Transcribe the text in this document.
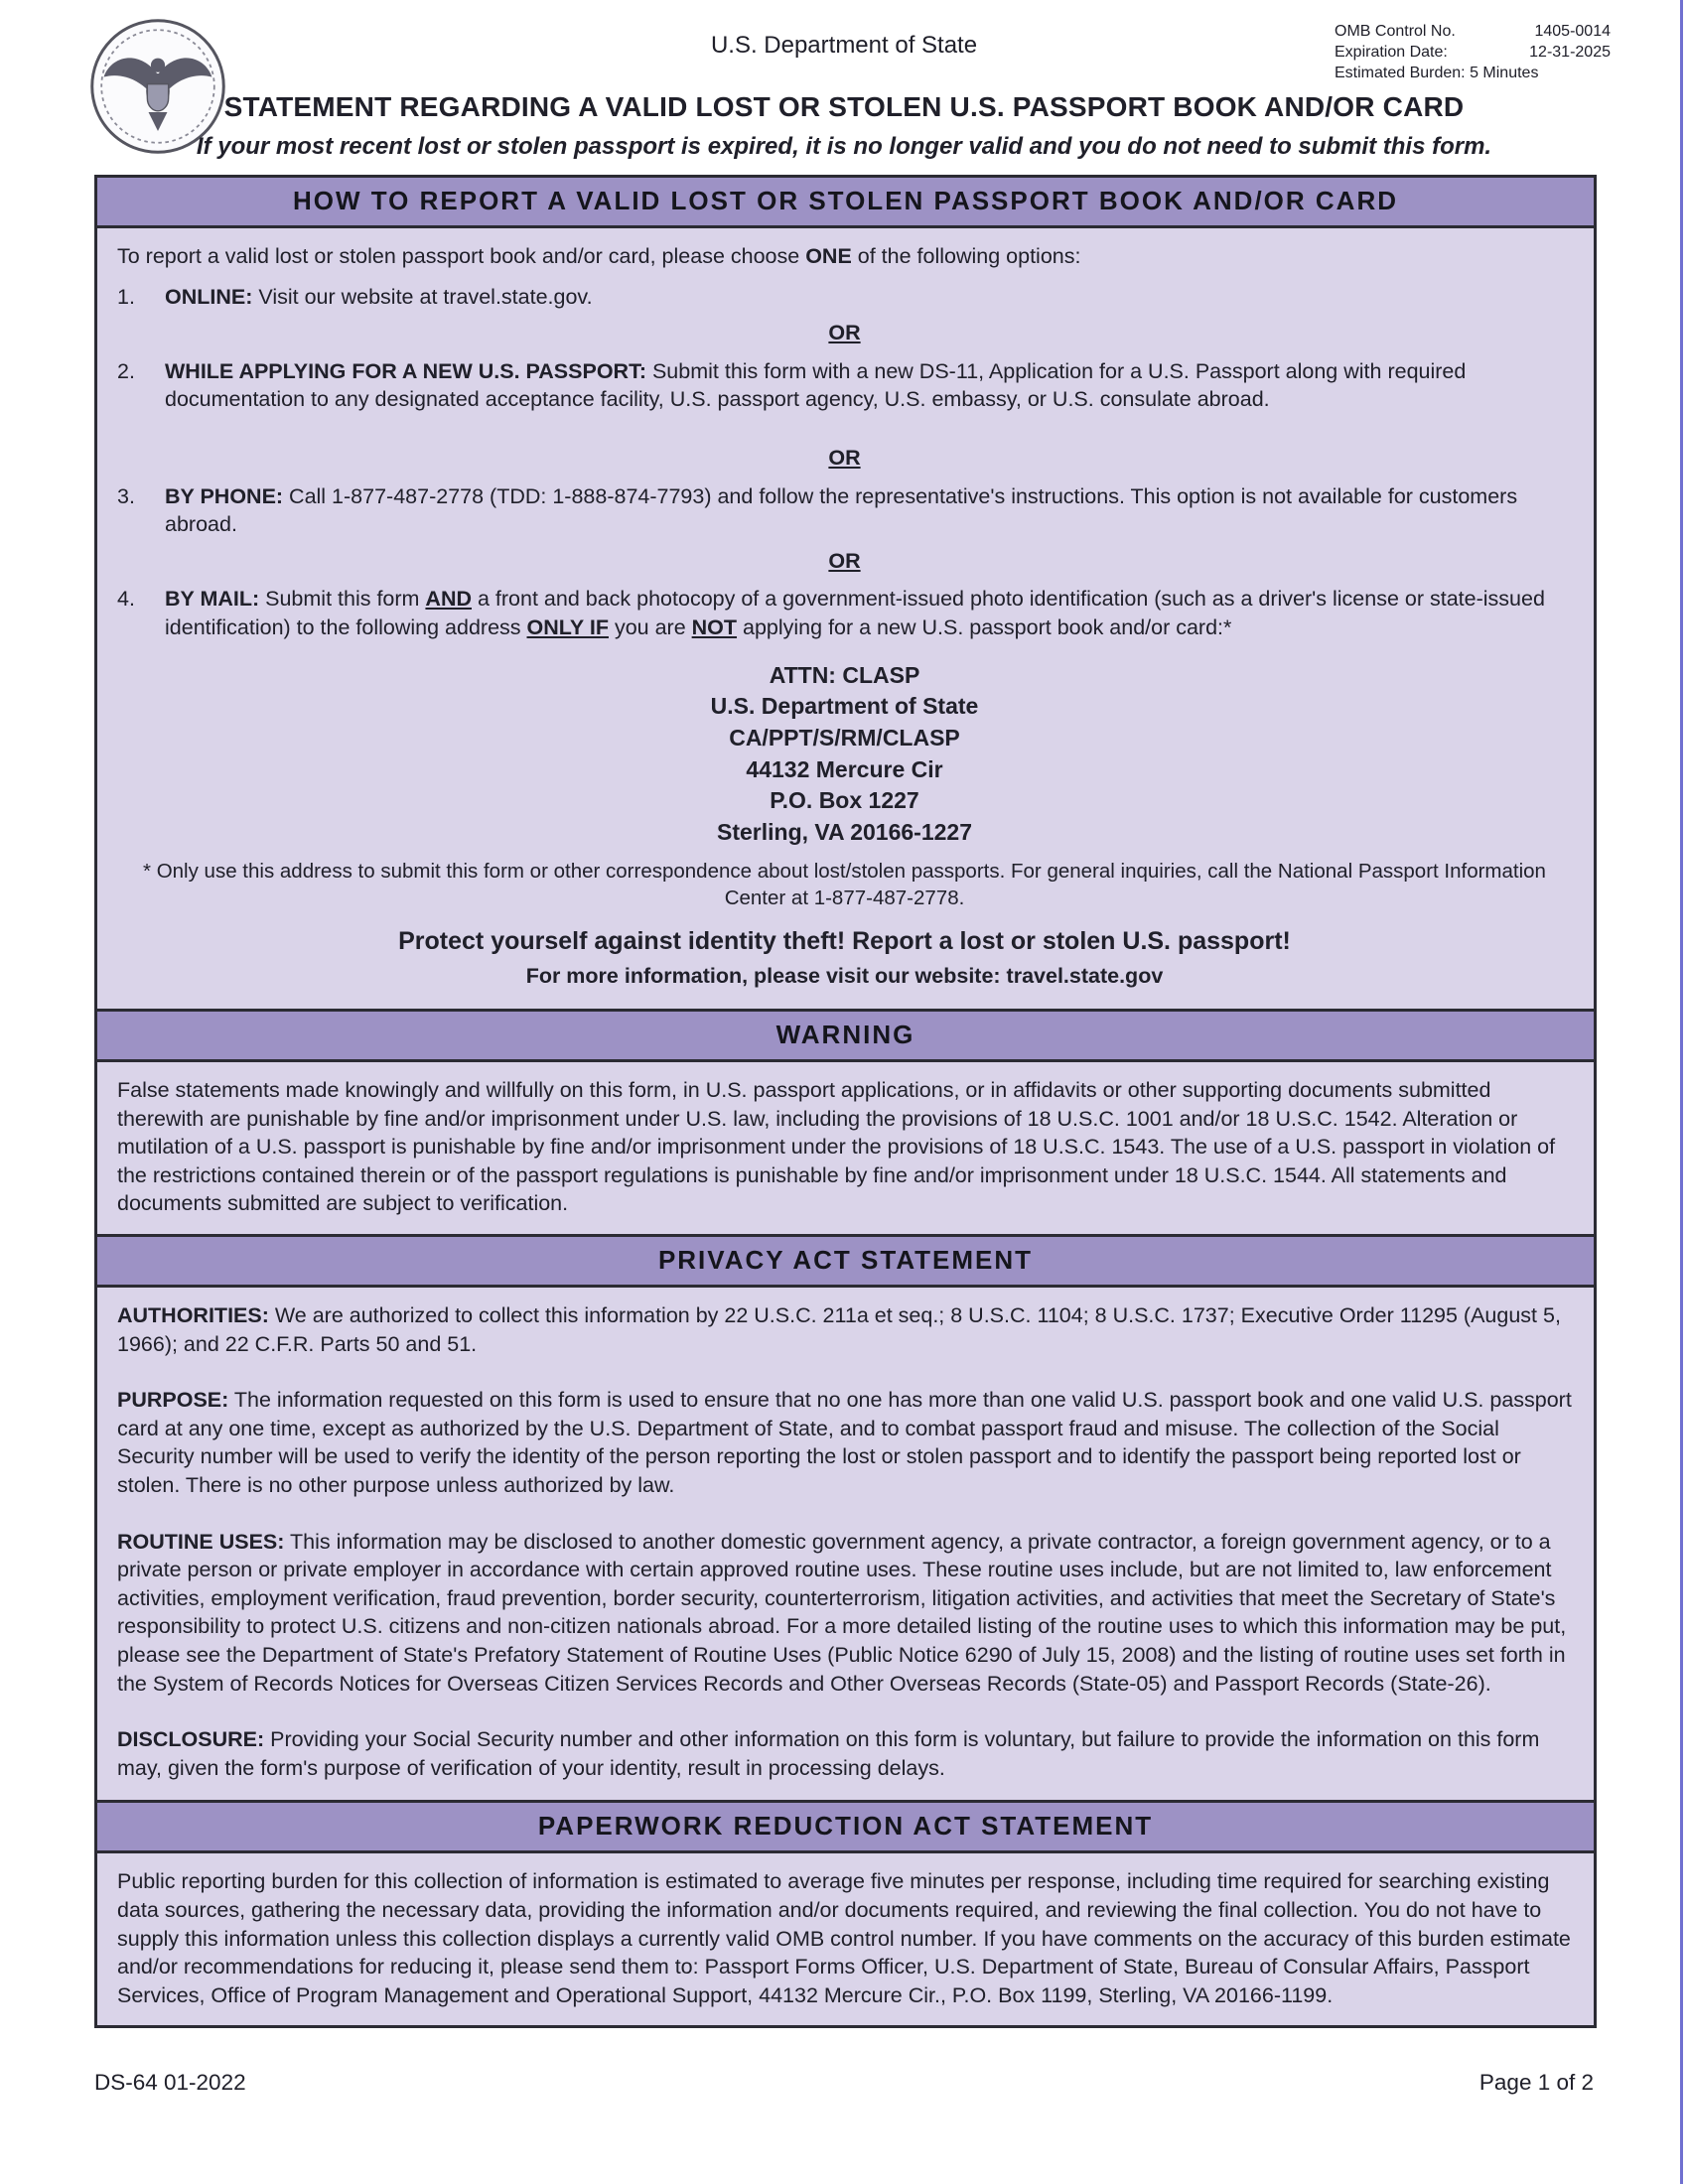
U.S. Department of State
OMB Control No.	1405-0014
Expiration Date:	12-31-2025
Estimated Burden: 5 Minutes
STATEMENT REGARDING A VALID LOST OR STOLEN U.S. PASSPORT BOOK AND/OR CARD
If your most recent lost or stolen passport is expired, it is no longer valid and you do not need to submit this form.
HOW TO REPORT A VALID LOST OR STOLEN PASSPORT BOOK AND/OR CARD

To report a valid lost or stolen passport book and/or card, please choose ONE of the following options:

1.	ONLINE: Visit our website at travel.state.gov.
OR
2.	WHILE APPLYING FOR A NEW U.S. PASSPORT: Submit this form with a new DS-11, Application for a U.S. Passport along with required documentation to any designated acceptance facility, U.S. passport agency, U.S. embassy, or U.S. consulate abroad.
OR
3.	BY PHONE: Call 1-877-487-2778 (TDD: 1-888-874-7793) and follow the representative's instructions. This option is not available for customers abroad.
OR
4.	BY MAIL: Submit this form AND a front and back photocopy of a government-issued photo identification (such as a driver's license or state-issued identification) to the following address ONLY IF you are NOT applying for a new U.S. passport book and/or card:*
ATTN: CLASP
U.S. Department of State
CA/PPT/S/RM/CLASP
44132 Mercure Cir
P.O. Box 1227
Sterling, VA 20166-1227
* Only use this address to submit this form or other correspondence about lost/stolen passports. For general inquiries, call the National Passport Information Center at 1-877-487-2778.
Protect yourself against identity theft! Report a lost or stolen U.S. passport!
For more information, please visit our website: travel.state.gov
WARNING

False statements made knowingly and willfully on this form, in U.S. passport applications, or in affidavits or other supporting documents submitted therewith are punishable by fine and/or imprisonment under U.S. law, including the provisions of 18 U.S.C. 1001 and/or 18 U.S.C. 1542. Alteration or mutilation of a U.S. passport is punishable by fine and/or imprisonment under the provisions of 18 U.S.C. 1543. The use of a U.S. passport in violation of the restrictions contained therein or of the passport regulations is punishable by fine and/or imprisonment under 18 U.S.C. 1544. All statements and documents submitted are subject to verification.

PRIVACY ACT STATEMENT

AUTHORITIES: We are authorized to collect this information by 22 U.S.C. 211a et seq.; 8 U.S.C. 1104; 8 U.S.C. 1737; Executive Order 11295 (August 5, 1966); and 22 C.F.R. Parts 50 and 51.

PURPOSE: The information requested on this form is used to ensure that no one has more than one valid U.S. passport book and one valid U.S. passport card at any one time, except as authorized by the U.S. Department of State, and to combat passport fraud and misuse. The collection of the Social Security number will be used to verify the identity of the person reporting the lost or stolen passport and to identify the passport being reported lost or stolen. There is no other purpose unless authorized by law.

ROUTINE USES: This information may be disclosed to another domestic government agency, a private contractor, a foreign government agency, or to a private person or private employer in accordance with certain approved routine uses. These routine uses include, but are not limited to, law enforcement activities, employment verification, fraud prevention, border security, counterterrorism, litigation activities, and activities that meet the Secretary of State's responsibility to protect U.S. citizens and non-citizen nationals abroad. For a more detailed listing of the routine uses to which this information may be put, please see the Department of State's Prefatory Statement of Routine Uses (Public Notice 6290 of July 15, 2008) and the listing of routine uses set forth in the System of Records Notices for Overseas Citizen Services Records and Other Overseas Records (State-05) and Passport Records (State-26).

DISCLOSURE: Providing your Social Security number and other information on this form is voluntary, but failure to provide the information on this form may, given the form's purpose of verification of your identity, result in processing delays.

PAPERWORK REDUCTION ACT STATEMENT

Public reporting burden for this collection of information is estimated to average five minutes per response, including time required for searching existing data sources, gathering the necessary data, providing the information and/or documents required, and reviewing the final collection. You do not have to supply this information unless this collection displays a currently valid OMB control number. If you have comments on the accuracy of this burden estimate and/or recommendations for reducing it, please send them to: Passport Forms Officer, U.S. Department of State, Bureau of Consular Affairs, Passport Services, Office of Program Management and Operational Support, 44132 Mercure Cir., P.O. Box 1199, Sterling, VA 20166-1199.

DS-64 01-2022	Page 1 of 2
